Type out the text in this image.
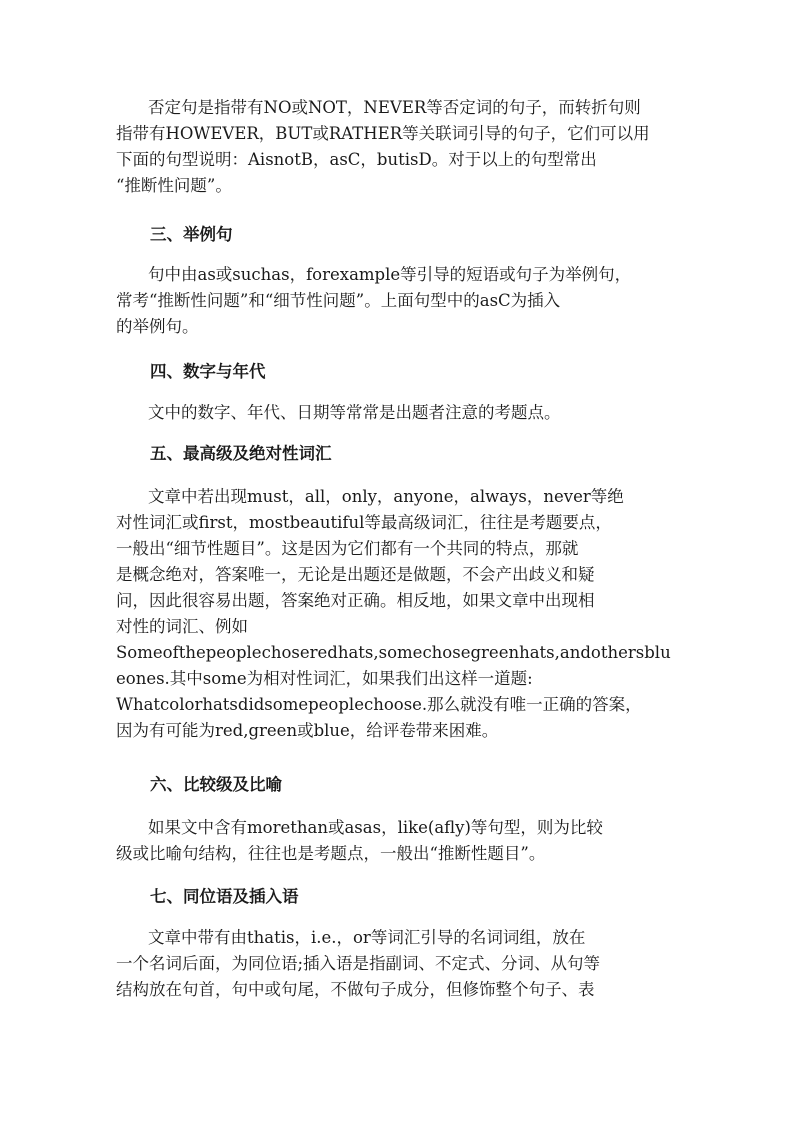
否定句是指带有NO或NOT，NEVER等否定词的句子，而转折句则
指带有HOWEVER，BUT或RATHER等关联词引导的句子，它们可以用
下面的句型说明：AisnotB，asC，butisD。对于以上的句型常出
“推断性问题”。
三、举例句
句中由as或suchas，forexample等引导的短语或句子为举例句，
常考“推断性问题”和“细节性问题”。上面句型中的asC为插入
的举例句。
四、数字与年代
文中的数字、年代、日期等常常是出题者注意的考题点。
五、最高级及绝对性词汇
文章中若出现must，all，only，anyone，always，never等绝
对性词汇或first，mostbeautiful等最高级词汇，往往是考题要点，
一般出“细节性题目”。这是因为它们都有一个共同的特点，那就
是概念绝对，答案唯一，无论是出题还是做题，不会产出歧义和疑
问，因此很容易出题，答案绝对正确。相反地，如果文章中出现相
对性的词汇、例如
Someofthepeoplechoseredhats,somechosegreenhats,andothersblu
eones.其中some为相对性词汇，如果我们出这样一道题:
Whatcolorhatsdidsomepeoplechoose.那么就没有唯一正确的答案，
因为有可能为red,green或blue，给评卷带来困难。
六、比较级及比喻
如果文中含有morethan或asas，like(afly)等句型，则为比较
级或比喻句结构，往往也是考题点，一般出“推断性题目”。
七、同位语及插入语
文章中带有由thatis，i.e.，or等词汇引导的名词词组，放在
一个名词后面，为同位语;插入语是指副词、不定式、分词、从句等
结构放在句首，句中或句尾，不做句子成分，但修饰整个句子、表
